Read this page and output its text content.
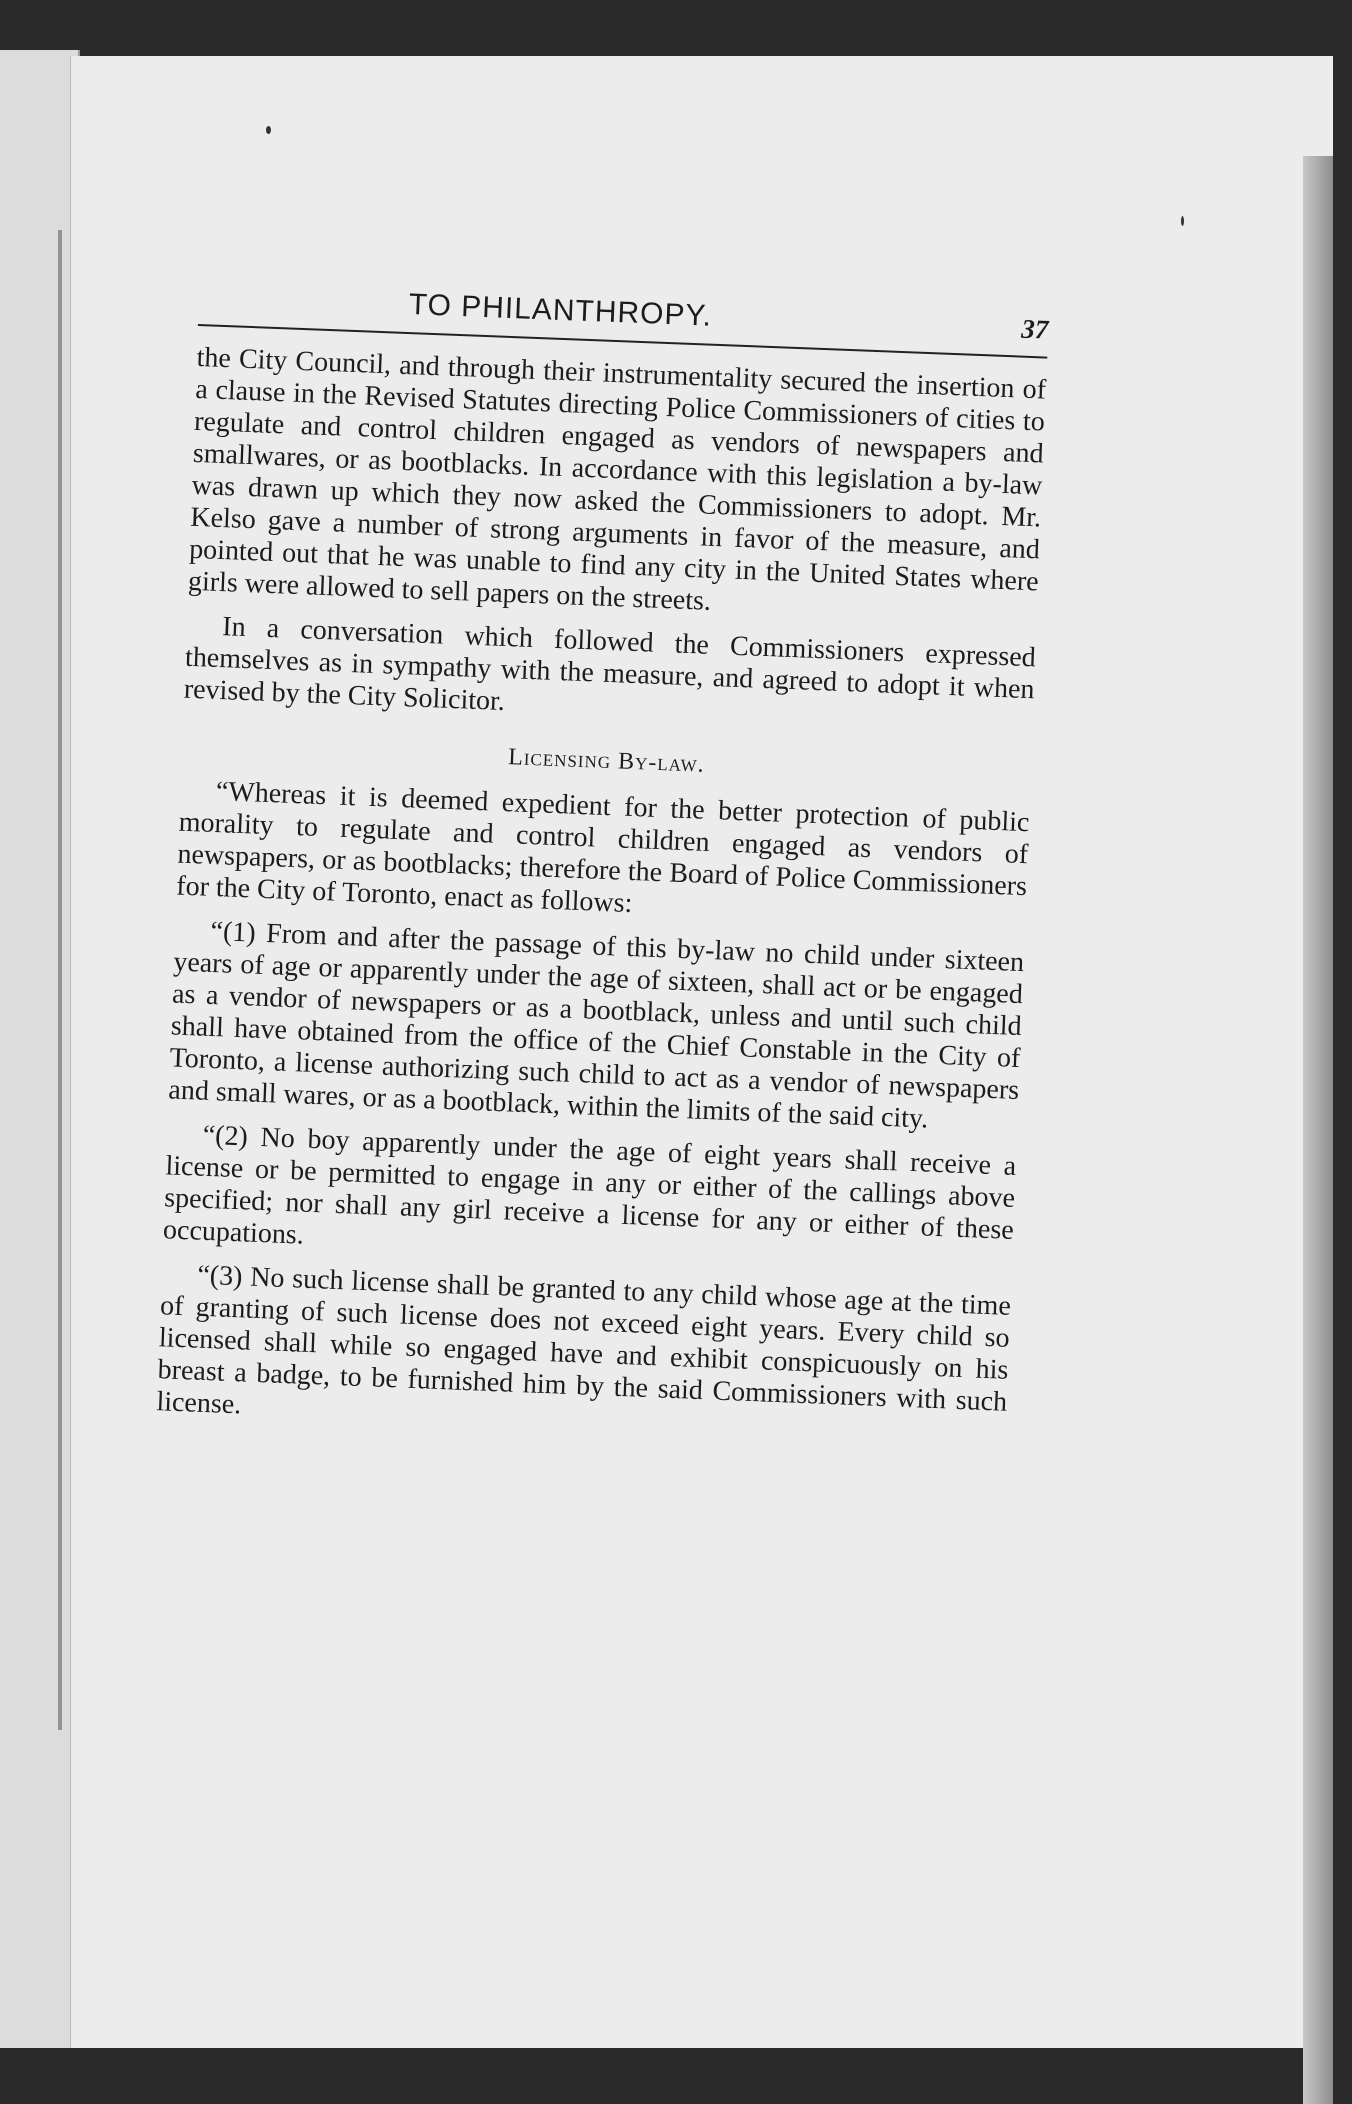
TO PHILANTHROPY.	37

the City Council, and through their instrumentality secured the insertion of a clause in the Revised Statutes directing Police Commissioners of cities to regulate and control children engaged as vendors of newspapers and smallwares, or as bootblacks. In accordance with this legislation a by-law was drawn up which they now asked the Commissioners to adopt. Mr. Kelso gave a number of strong arguments in favor of the measure, and pointed out that he was unable to find any city in the United States where girls were allowed to sell papers on the streets.

In a conversation which followed the Commissioners expressed themselves as in sympathy with the measure, and agreed to adopt it when revised by the City Solicitor.

Licensing By-law.

“Whereas it is deemed expedient for the better protection of public morality to regulate and control children engaged as vendors of newspapers, or as bootblacks; therefore the Board of Police Commissioners for the City of Toronto, enact as follows:

“(1) From and after the passage of this by-law no child under sixteen years of age or apparently under the age of sixteen, shall act or be engaged as a vendor of newspapers or as a bootblack, unless and until such child shall have obtained from the office of the Chief Constable in the City of Toronto, a license authorizing such child to act as a vendor of newspapers and small wares, or as a bootblack, within the limits of the said city.

“(2) No boy apparently under the age of eight years shall receive a license or be permitted to engage in any or either of the callings above specified; nor shall any girl receive a license for any or either of these occupations.

“(3) No such license shall be granted to any child whose age at the time of granting of such license does not exceed eight years. Every child so licensed shall while so engaged have and exhibit conspicuously on his breast a badge, to be furnished him by the said Commissioners with such license.
